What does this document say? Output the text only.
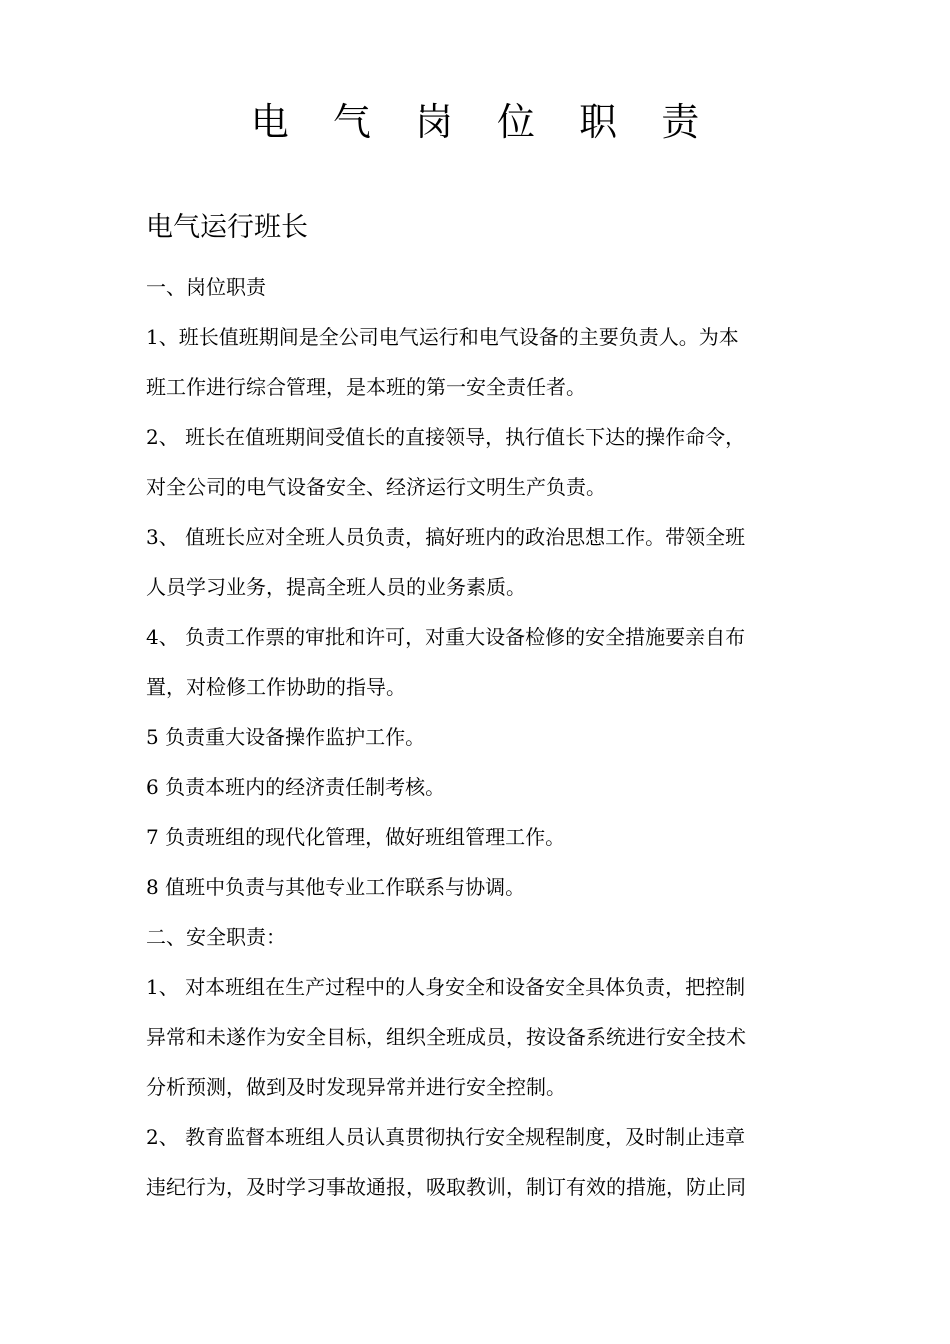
电 气 岗 位 职 责
电气运行班长
一、岗位职责
1、班长值班期间是全公司电气运行和电气设备的主要负责人。为本
班工作进行综合管理，是本班的第一安全责任者。
2、 班长在值班期间受值长的直接领导，执行值长下达的操作命令，
对全公司的电气设备安全、经济运行文明生产负责。
3、 值班长应对全班人员负责，搞好班内的政治思想工作。带领全班
人员学习业务，提高全班人员的业务素质。
4、 负责工作票的审批和许可，对重大设备检修的安全措施要亲自布
置，对检修工作协助的指导。
5 负责重大设备操作监护工作。
6 负责本班内的经济责任制考核。
7 负责班组的现代化管理，做好班组管理工作。
8 值班中负责与其他专业工作联系与协调。
二、安全职责：
1、 对本班组在生产过程中的人身安全和设备安全具体负责，把控制
异常和未遂作为安全目标，组织全班成员，按设备系统进行安全技术
分析预测，做到及时发现异常并进行安全控制。
2、 教育监督本班组人员认真贯彻执行安全规程制度，及时制止违章
违纪行为，及时学习事故通报，吸取教训，制订有效的措施，防止同
